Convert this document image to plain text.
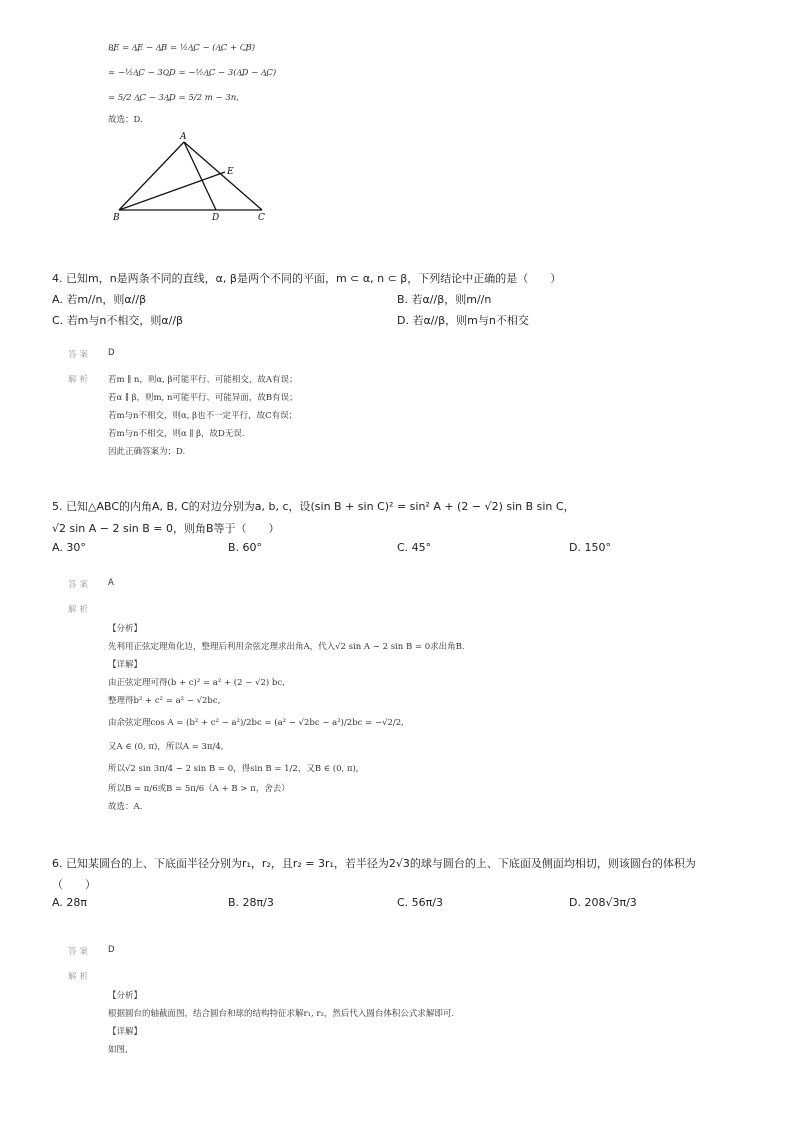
B͢E = A͢E − A͢B = ½A͢C − (A͢C + C͢B)
= −½A͢C − 3O͢D = −½A͢C − 3(A͢D − A͢C)
= 5/2 A͢C − 3A͢D = 5/2 m − 3n,
故选：D.
A
E
B	D	C
4. 已知m，n是两条不同的直线，α, β是两个不同的平面，m ⊂ α, n ⊂ β，下列结论中正确的是（　　）
A. 若m//n，则α//β	B. 若α//β，则m//n
C. 若m与n不相交，则α//β	D. 若α//β，则m与n不相交
答案 D
解析 若m ∥ n，则α, β可能平行、可能相交，故A有误；
若α ∥ β，则m, n可能平行、可能异面，故B有误；
若m与n不相交，则α, β也不一定平行，故C有误；
若m与n不相交，则α ∥ β，故D无误.
因此正确答案为：D.
5. 已知△ABC的内角A, B, C的对边分别为a, b, c，设(sin B + sin C)² = sin² A + (2 − √2) sin B sin C，
√2 sin A − 2 sin B = 0，则角B等于（　　）
A. 30°	B. 60°	C. 45°	D. 150°
答案 A
解析
【分析】
先利用正弦定理角化边，整理后利用余弦定理求出角A，代入√2 sin A − 2 sin B = 0求出角B.
【详解】
由正弦定理可得(b + c)² = a² + (2 − √2) bc,
整理得b² + c² = a² − √2bc,
由余弦定理cos A = (b² + c² − a²)/2bc = (a² − √2bc − a²)/2bc = −√2/2,
又A ∈ (0, π)，所以A = 3π/4,
所以√2 sin 3π/4 − 2 sin B = 0，得sin B = 1/2，又B ∈ (0, π),
所以B = π/6或B = 5π/6（A + B > π，舍去）
故选：A.
6. 已知某圆台的上、下底面半径分别为r₁，r₂，且r₂ = 3r₁，若半径为2√3的球与圆台的上、下底面及侧面均相切，则该圆台的体积为
（　　）
A. 28π	B. 28π/3	C. 56π/3	D. 208√3π/3
答案 D
解析
【分析】
根据圆台的轴截面图，结合圆台和球的结构特征求解r₁, r₂，然后代入圆台体积公式求解即可.
【详解】
如图,
